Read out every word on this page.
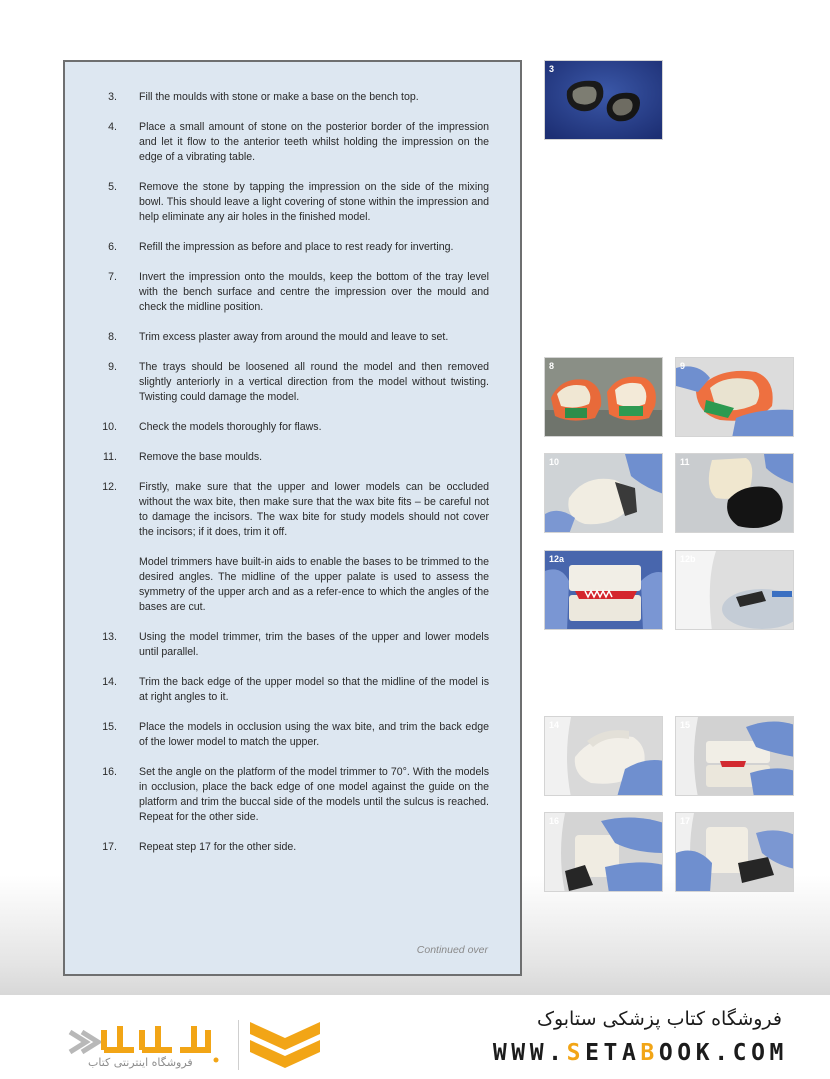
3.	Fill the moulds with stone or make a base on the bench top.

4.	Place a small amount of stone on the posterior border of the impression and let it flow to the anterior teeth whilst holding the impression on the edge of a vibrating table.

5.	Remove the stone by tapping the impression on the side of the mixing bowl. This should leave a light covering of stone within the impression and help eliminate any air holes in the finished model.

6.	Refill the impression as before and place to rest ready for inverting.

7.	Invert the impression onto the moulds, keep the bottom of the tray level with the bench surface and centre the impression over the mould and check the midline position.

8.	Trim excess plaster away from around the mould and leave to set.

9.	The trays should be loosened all round the model and then removed slightly anteriorly in a vertical direction from the model without twisting. Twisting could damage the model.

10.	Check the models thoroughly for flaws.

11.	Remove the base moulds.

12.	Firstly, make sure that the upper and lower models can be occluded without the wax bite, then make sure that the wax bite fits – be careful not to damage the incisors. The wax bite for study models should not cover the incisors; if it does, trim it off.

Model trimmers have built-in aids to enable the bases to be trimmed to the desired angles. The midline of the upper palate is used to assess the symmetry of the upper arch and as a refer-ence to which the angles of the bases are cut.

13.	Using the model trimmer, trim the bases of the upper and lower models until parallel.

14.	Trim the back edge of the upper model so that the midline of the model is at right angles to it.

15.	Place the models in occlusion using the wax bite, and trim the back edge of the lower model to match the upper.

16.	Set the angle on the platform of the model trimmer to 70°. With the models in occlusion, place the back edge of one model against the guide on the platform and trim the buccal side of the models until the sulcus is reached. Repeat for the other side.

17.	Repeat step 17 for the other side.

Continued over
3
8	9
10	11
12a	12b
14	15
16	17
فروشگاه اینترنتی کتاب
فروشگاه کتاب پزشکی ستابوک
WWW.SETABOOK.COM
